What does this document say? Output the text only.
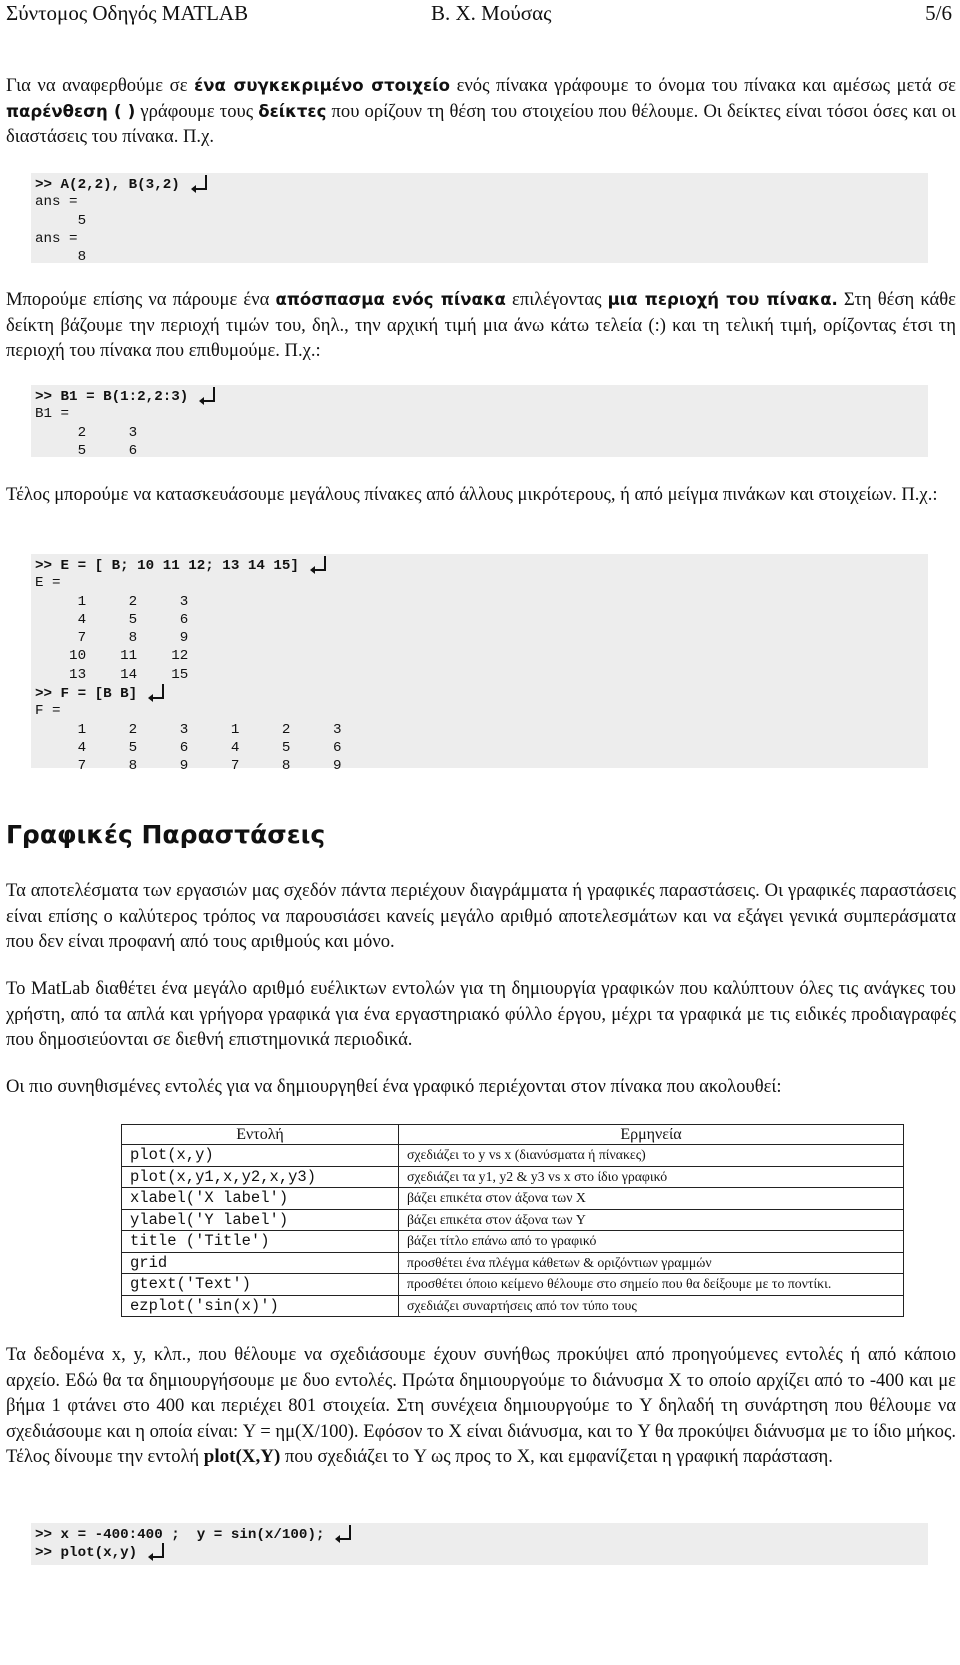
Σύντομος Οδηγός MATLAB	Β. Χ. Μούσας	5/6
Για να αναφερθούμε σε ένα συγκεκριμένο στοιχείο ενός πίνακα γράφουμε το όνομα του πίνακα και αμέσως μετά σε παρένθεση ( ) γράφουμε τους δείκτες που ορίζουν τη θέση του στοιχείου που θέλουμε. Οι δείκτες είναι τόσοι όσες και οι διαστάσεις του πίνακα. Π.χ.
>> A(2,2), B(3,2)
ans =
5
ans =
8
Μπορούμε επίσης να πάρουμε ένα απόσπασμα ενός πίνακα επιλέγοντας μια περιοχή του πίνακα. Στη θέση κάθε δείκτη βάζουμε την περιοχή τιμών του, δηλ., την αρχική τιμή μια άνω κάτω τελεία (:) και τη τελική τιμή, ορίζοντας έτσι τη περιοχή του πίνακα που επιθυμούμε. Π.χ.:
>> B1 = B(1:2,2:3)
B1 =
2     3
5     6
Τέλος μπορούμε να κατασκευάσουμε μεγάλους πίνακες από άλλους μικρότερους, ή από μείγμα πινάκων και στοιχείων. Π.χ.:
>> E = [ B; 10 11 12; 13 14 15]
E =
1     2     3
4     5     6
7     8     9
10    11    12
13    14    15
>> F = [B B]
F =
1     2     3     1     2     3
4     5     6     4     5     6
7     8     9     7     8     9
Γραφικές Παραστάσεις
Τα αποτελέσματα των εργασιών μας σχεδόν πάντα περιέχουν διαγράμματα ή γραφικές παραστάσεις. Οι γραφικές παραστάσεις είναι επίσης ο καλύτερος τρόπος να παρουσιάσει κανείς μεγάλο αριθμό αποτελεσμάτων και να εξάγει γενικά συμπεράσματα που δεν είναι προφανή από τους αριθμούς και μόνο.
Το MatLab διαθέτει ένα μεγάλο αριθμό ευέλικτων εντολών για τη δημιουργία γραφικών που καλύπτουν όλες τις ανάγκες του χρήστη, από τα απλά και γρήγορα γραφικά για ένα εργαστηριακό φύλλο έργου, μέχρι τα γραφικά με τις ειδικές προδιαγραφές που δημοσιεύονται σε διεθνή επιστημονικά περιοδικά.
Οι πιο συνηθισμένες εντολές για να δημιουργηθεί ένα γραφικό περιέχονται στον πίνακα που ακολουθεί:
Εντολή	Ερμηνεία
plot(x,y)	σχεδιάζει το y vs x (διανύσματα ή πίνακες)
plot(x,y1,x,y2,x,y3)	σχεδιάζει τα y1, y2 & y3 vs x στο ίδιο γραφικό
xlabel('X label')	βάζει επικέτα στον άξονα των X
ylabel('Y label')	βάζει επικέτα στον άξονα των Y
title ('Title')	βάζει τίτλο επάνω από το γραφικό
grid	προσθέτει ένα πλέγμα κάθετων & οριζόντιων γραμμών
gtext('Text')	προσθέτει όποιο κείμενο θέλουμε στο σημείο που θα δείξουμε με το ποντίκι.
ezplot('sin(x)')	σχεδιάζει συναρτήσεις από τον τύπο τους
Τα δεδομένα x, y, κλπ., που θέλουμε να σχεδιάσουμε έχουν συνήθως προκύψει από προηγούμενες εντολές ή από κάποιο αρχείο. Εδώ θα τα δημιουργήσουμε με δυο εντολές. Πρώτα δημιουργούμε το διάνυσμα X το οποίο αρχίζει από το -400 και με βήμα 1 φτάνει στο 400 και περιέχει 801 στοιχεία. Στη συνέχεια δημιουργούμε το Y δηλαδή τη συνάρτηση που θέλουμε να σχεδιάσουμε και η οποία είναι: Y = ημ(X/100). Εφόσον το X είναι διάνυσμα, και το Y θα προκύψει διάνυσμα με το ίδιο μήκος. Τέλος δίνουμε την εντολή plot(X,Y) που σχεδιάζει το Y ως προς το X, και εμφανίζεται η γραφική παράσταση.
>> x = -400:400 ;  y = sin(x/100);
>> plot(x,y)
